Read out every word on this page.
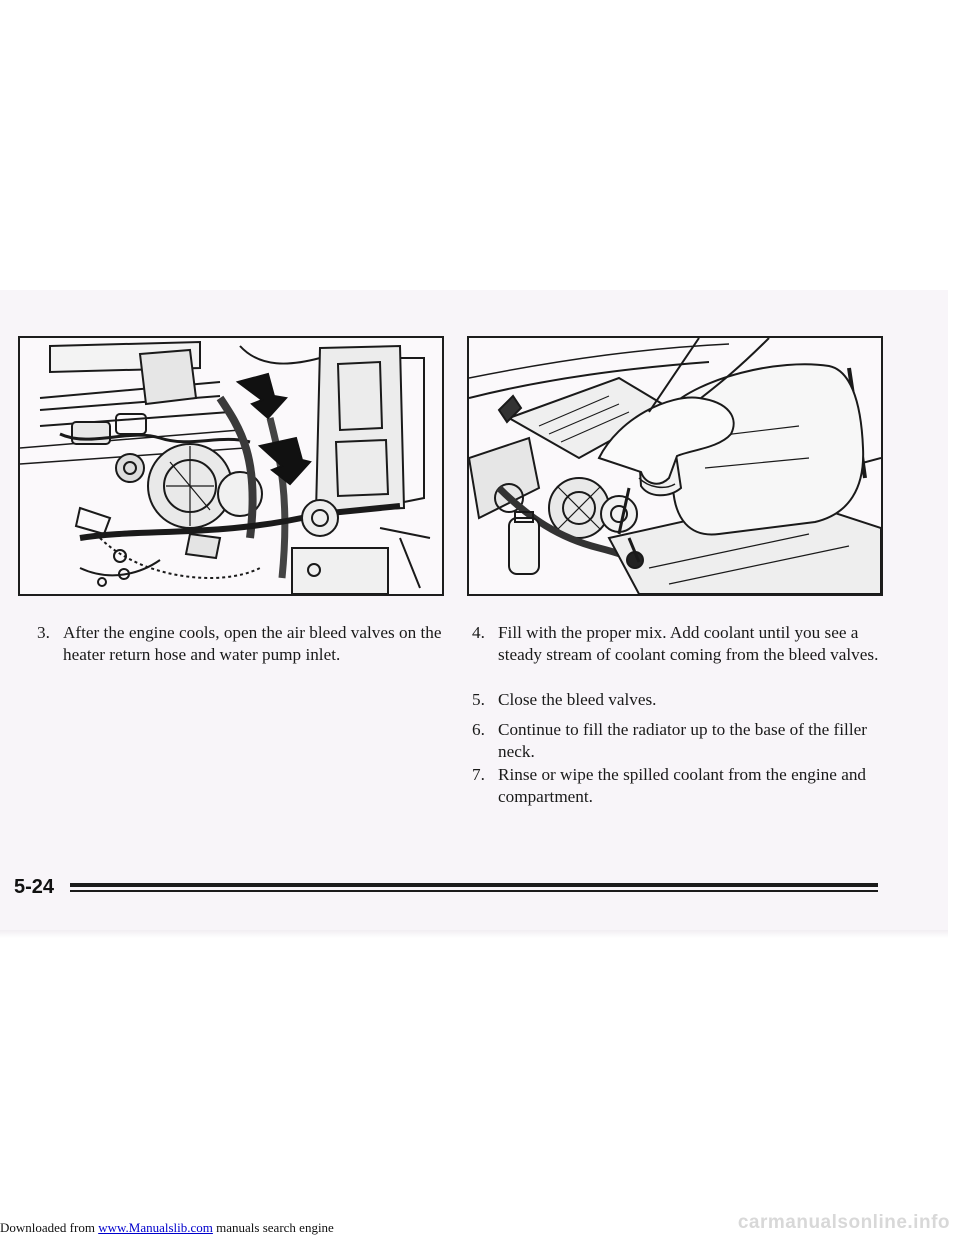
3. After the engine cools, open the air bleed valves on the heater return hose and water pump inlet.
4. Fill with the proper mix. Add coolant until you see a steady stream of coolant coming from the bleed valves.
5. Close the bleed valves.
6. Continue to fill the radiator up to the base of the filler neck.
7. Rinse or wipe the spilled coolant from the engine and compartment.
5-24
Downloaded from www.Manualslib.com manuals search engine	carmanualsonline.info
